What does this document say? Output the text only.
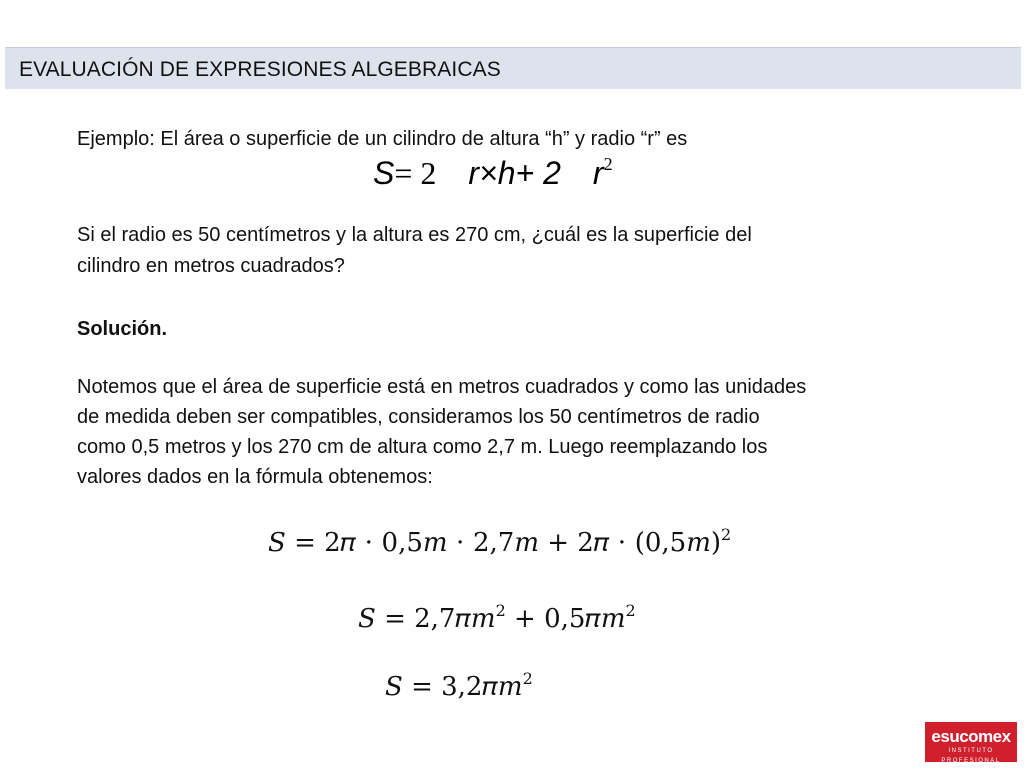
EVALUACIÓN DE EXPRESIONES ALGEBRAICAS
Ejemplo: El área o superficie de un cilindro de altura “h” y radio “r” es
S= 2 r×h+ 2 $r^2$
Si el radio es 50 centímetros y la altura es 270 cm, ¿cuál es la superficie del
cilindro en metros cuadrados?
Solución.
Notemos que el área de superficie está en metros cuadrados y como las unidades
de medida deben ser compatibles, consideramos los 50 centímetros de radio
como 0,5 metros y los 270 cm de altura como 2,7 m. Luego reemplazando los
valores dados en la fórmula obtenemos:
𝑆 = 2𝜋 ⋅ 0,5𝑚 ⋅ 2,7𝑚 + 2𝜋 ⋅ (0,5𝑚)$^2$
𝑆 = 2,7𝜋𝑚$^2$ + 0,5𝜋𝑚$^2$
𝑆 = 3,2𝜋𝑚$^2$
esucomex
INSTITUTO PROFESIONAL
